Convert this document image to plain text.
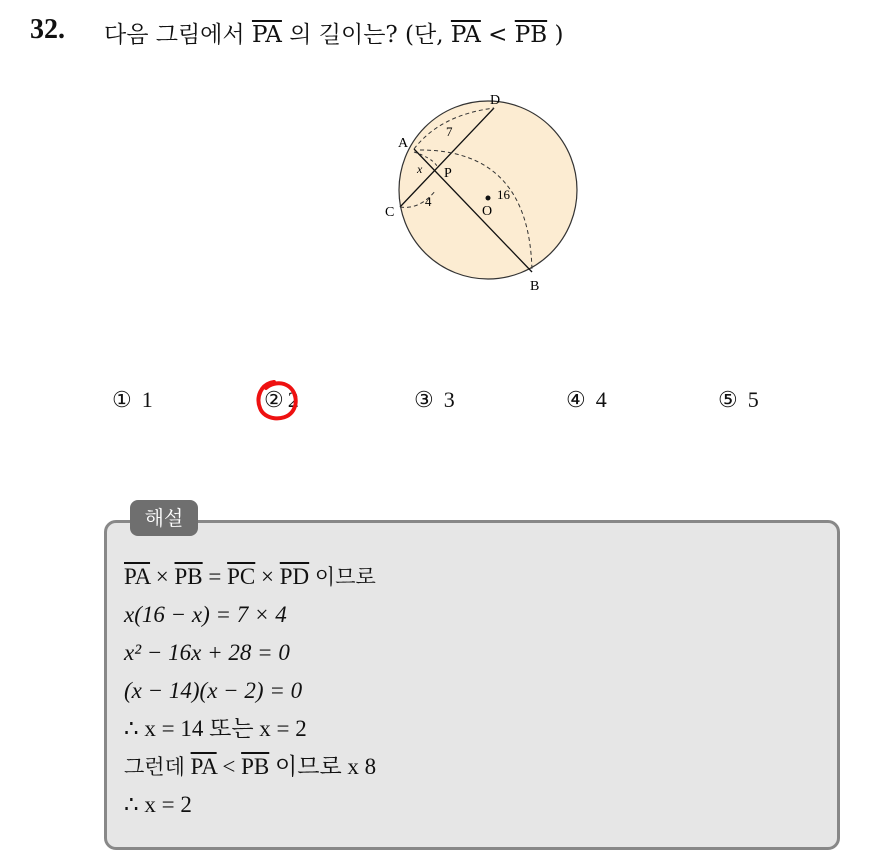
32. 다음 그림에서 $\overline{PA}$ 의 길이는? (단, $\overline{PA} < \overline{PB}$ )
A
D
C
B
P
O
7
x
4	16
① 1	② 2	③ 3	④ 4	⑤ 5
해설
$\overline{PA} \times \overline{PB} = \overline{PC} \times \overline{PD}$ 이므로
x(16 − x) = 7 × 4
x² − 16x + 28 = 0
(x − 14)(x − 2) = 0
∴ x = 14 또는 x = 2
그런데 $\overline{PA} < \overline{PB}$ 이므로 x 8
∴ x = 2
